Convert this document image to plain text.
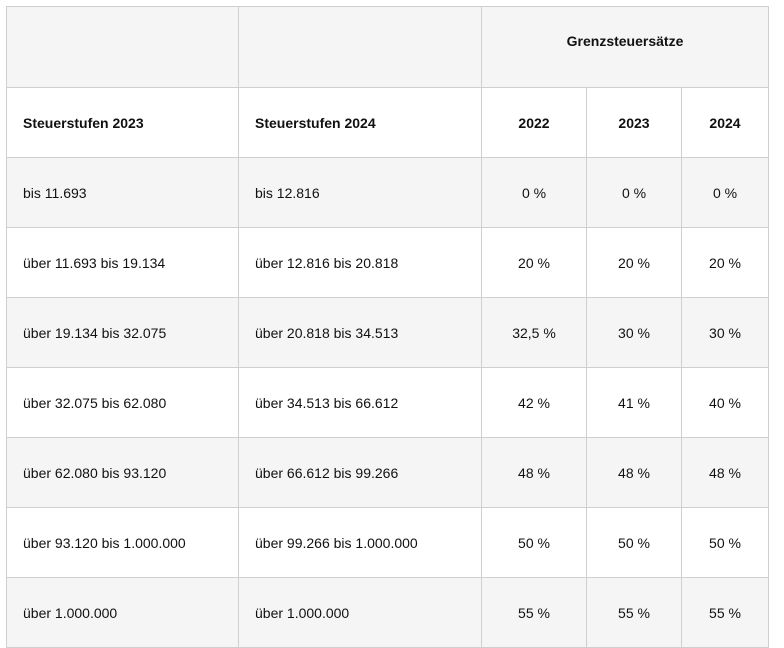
		Grenzsteuersätze		
Steuerstufen 2023	Steuerstufen 2024	2022	2023	2024
bis 11.693	bis 12.816	0 %	0 %	0 %
über 11.693 bis 19.134	über 12.816 bis 20.818	20 %	20 %	20 %
über 19.134 bis 32.075	über 20.818 bis 34.513	32,5 %	30 %	30 %
über 32.075 bis 62.080	über 34.513 bis 66.612	42 %	41 %	40 %
über 62.080 bis 93.120	über 66.612 bis 99.266	48 %	48 %	48 %
über 93.120 bis 1.000.000	über 99.266 bis 1.000.000	50 %	50 %	50 %
über 1.000.000	über 1.000.000	55 %	55 %	55 %
